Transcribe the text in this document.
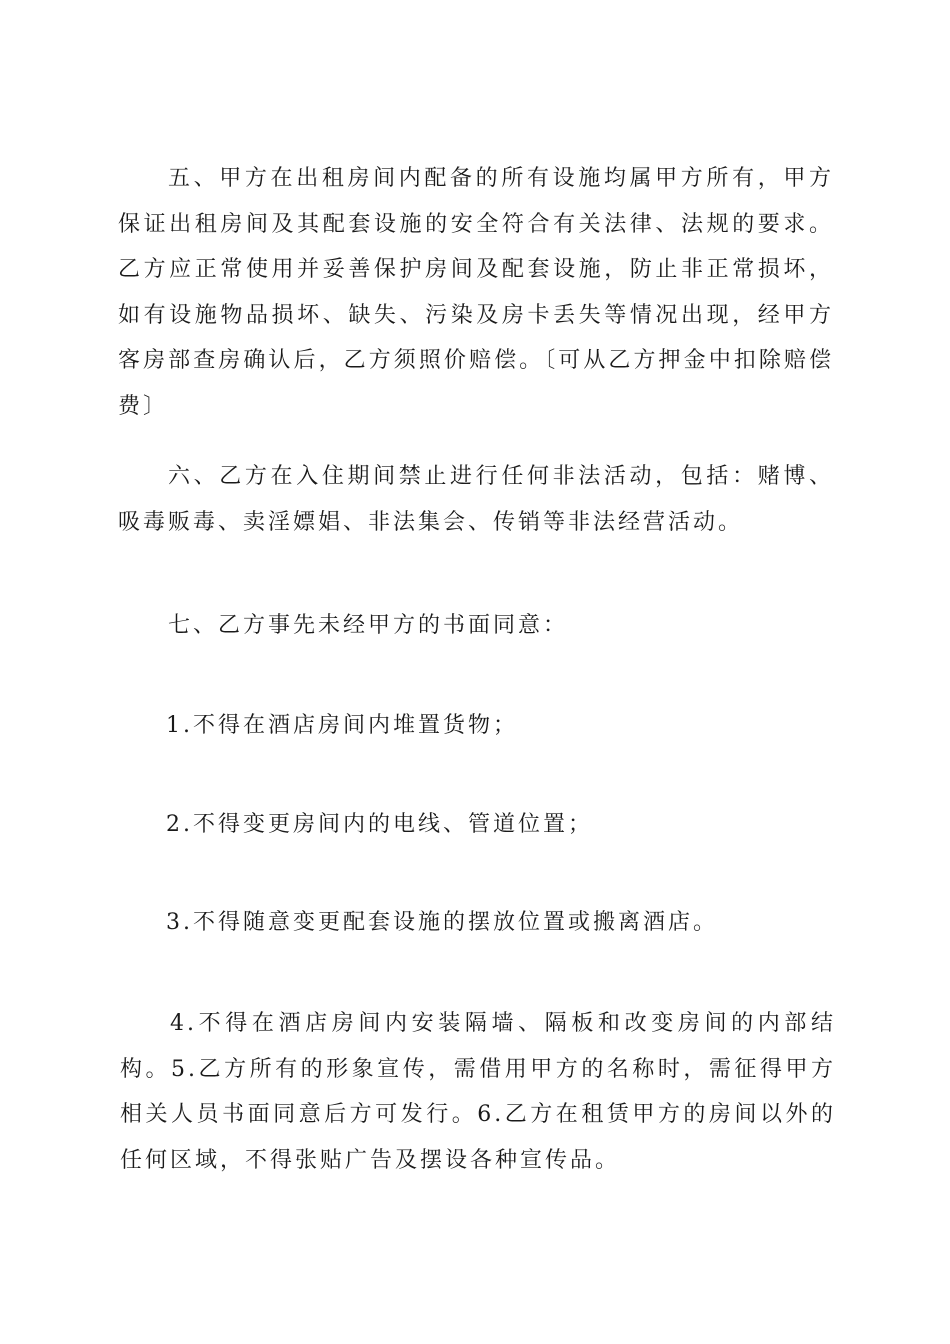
五、甲方在出租房间内配备的所有设施均属甲方所有，甲方保证出租房间及其配套设施的安全符合有关法律、法规的要求。乙方应正常使用并妥善保护房间及配套设施，防止非正常损坏，如有设施物品损坏、缺失、污染及房卡丢失等情况出现，经甲方客房部查房确认后，乙方须照价赔偿。〔可从乙方押金中扣除赔偿费〕

六、乙方在入住期间禁止进行任何非法活动，包括：赌博、吸毒贩毒、卖淫嫖娼、非法集会、传销等非法经营活动。

七、乙方事先未经甲方的书面同意：

1.不得在酒店房间内堆置货物；

2.不得变更房间内的电线、管道位置；

3.不得随意变更配套设施的摆放位置或搬离酒店。

4.不得在酒店房间内安装隔墙、隔板和改变房间的内部结构。5.乙方所有的形象宣传，需借用甲方的名称时，需征得甲方相关人员书面同意后方可发行。6.乙方在租赁甲方的房间以外的任何区域，不得张贴广告及摆设各种宣传品。
